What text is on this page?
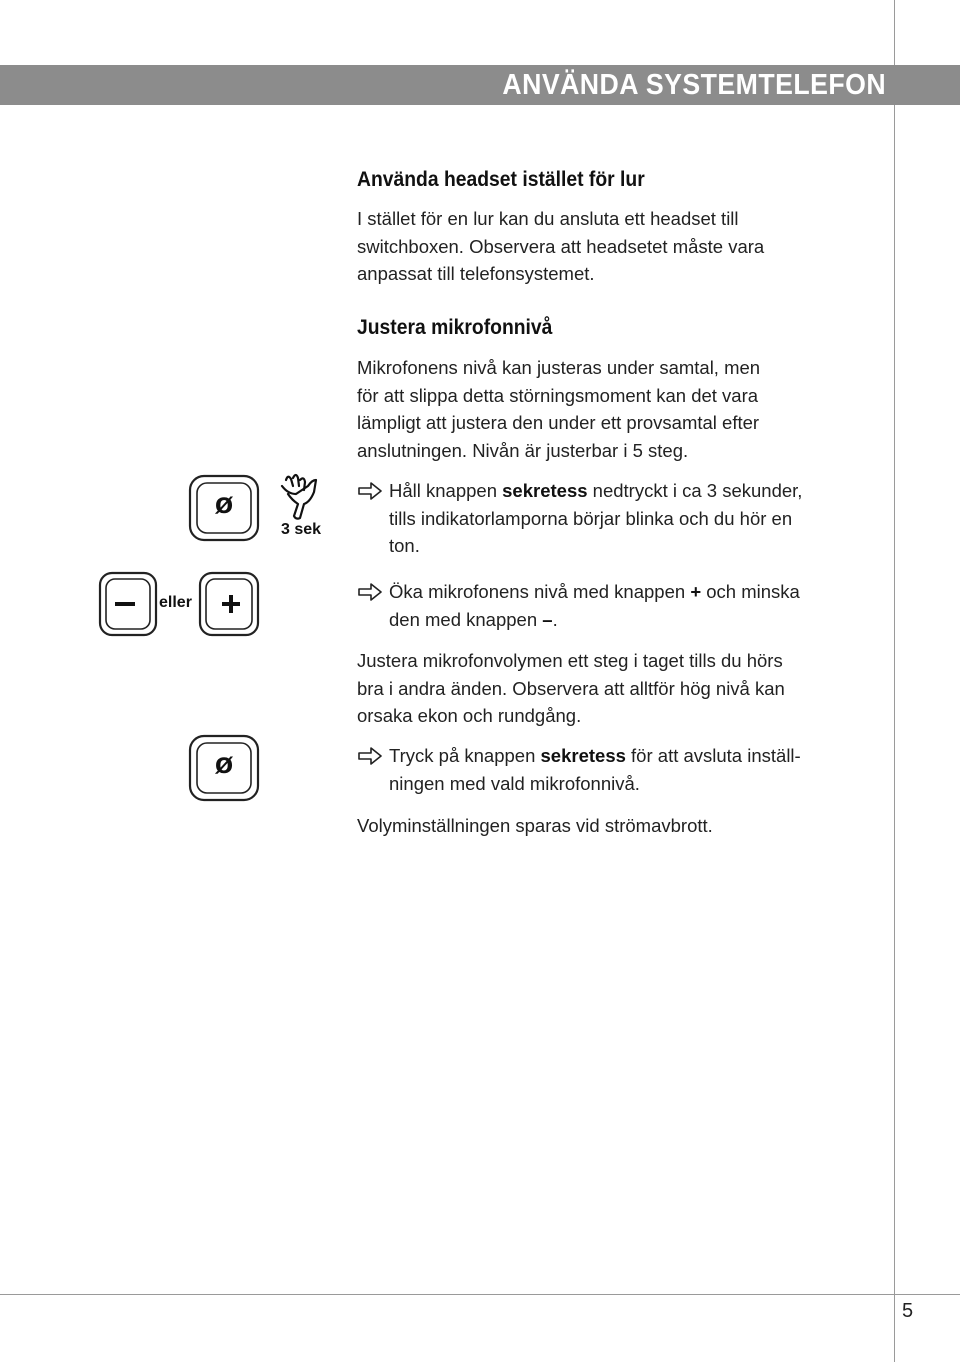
ANVÄNDA SYSTEMTELEFON
Använda headset istället för lur
I stället för en lur kan du ansluta ett headset till
switchboxen. Observera att headsetet måste vara
anpassat till telefonsystemet.
Justera mikrofonnivå
Mikrofonens nivå kan justeras under samtal, men
för att slippa detta störningsmoment kan det vara
lämpligt att justera den under ett provsamtal efter
anslutningen. Nivån är justerbar i 5 steg.
Håll knappen sekretess nedtryckt i ca 3 sekunder,
tills indikatorlamporna börjar blinka och du hör en
ton.
Öka mikrofonens nivå med knappen + och minska
den med knappen –.
Justera mikrofonvolymen ett steg i taget tills du hörs
bra i andra änden. Observera att alltför hög nivå kan
orsaka ekon och rundgång.
Tryck på knappen sekretess för att avsluta inställ-
ningen med vald mikrofonnivå.
Volyminställningen sparas vid strömavbrott.
ø
3 sek
eller
ø
5
